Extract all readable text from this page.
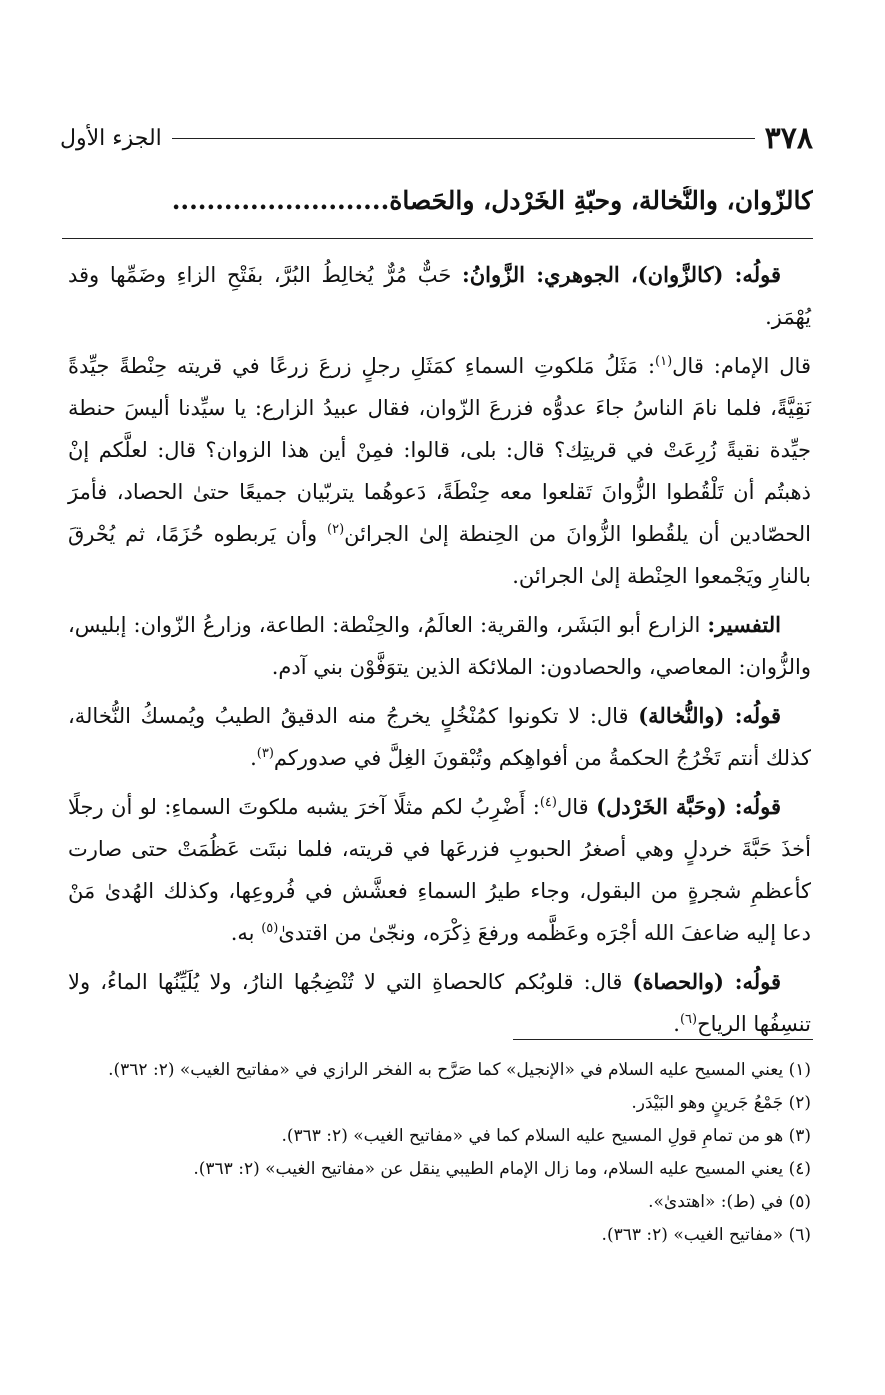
٣٧٨
الجزء الأول
كالزّوان، والنُّخالة، وحبّةِ الخَرْدل، والحَصاة.........................

قولُه: (كالزَّوان)، الجوهري: الزَّوانُ: حَبٌّ مُرٌّ يُخالِطُ البُرَّ، بفَتْحِ الزاءِ وضَمِّها وقد يُهْمَز.

قال الإمام: قال$^{(١)}$: مَثَلُ مَلكوتِ السماءِ كمَثَلِ رجلٍ زرعَ زرعًا في قريته حِنْطةً جيِّدةً نَقِيَّةً، فلما نامَ الناسُ جاءَ عدوُّه فزرعَ الزّوان، فقال عبيدُ الزارع: يا سيِّدنا أليسَ حنطة جيِّدة نقيةً زُرِعَتْ في قريتِك؟ قال: بلى، قالوا: فمِنْ أين هذا الزوان؟ قال: لعلَّكم إنْ ذهبتُم أن تَلْقُطوا الزُّوانَ تَقلعوا معه حِنْطَةً، دَعوهُما يتربّيان جميعًا حتىٰ الحصاد، فأمرَ الحصّادين أن يلقُطوا الزُّوانَ من الحِنطة إلىٰ الجرائن$^{(٢)}$ وأن يَربطوه حُزَمًا، ثم يُحْرقَ بالنارِ ويَجْمعوا الحِنْطة إلىٰ الجرائن.

التفسير: الزارع أبو البَشَر، والقرية: العالَمُ، والحِنْطة: الطاعة، وزارعُ الزّوان: إبليس، والزُّوان: المعاصي، والحصادون: الملائكة الذين يتوَفَّوْن بني آدم.

قولُه: (والنُّخالة) قال: لا تكونوا كمُنْخُلٍ يخرجُ منه الدقيقُ الطيبُ ويُمسكُ النُّخالة، كذلك أنتم تَخْرُجُ الحكمةُ من أفواهِكم وتُبْقونَ الغِلَّ في صدوركم$^{(٣)}$.

قولُه: (وحَبَّة الخَرْدل) قال$^{(٤)}$: أَضْرِبُ لكم مثلًا آخرَ يشبه ملكوتَ السماءِ: لو أن رجلًا أخذَ حَبَّةَ خردلٍ وهي أصغرُ الحبوبِ فزرعَها في قريته، فلما نبتَت عَظُمَتْ حتى صارت كأعظمِ شجرةٍ من البقول، وجاء طيرُ السماءِ فعشَّش في فُروعِها، وكذلك الهُدىٰ مَنْ دعا إليه ضاعفَ الله أجْرَه وعَظَّمه ورفعَ ذِكْرَه، ونجّىٰ من اقتدىٰ$^{(٥)}$ به.

قولُه: (والحصاة) قال: قلوبُكم كالحصاةِ التي لا تُنْضِجُها النارُ، ولا يُلَيِّنُها الماءُ، ولا تنسِفُها الرياح$^{(٦)}$.

(١) يعني المسيح عليه السلام في «الإنجيل» كما صَرَّح به الفخر الرازي في «مفاتيح الغيب» (٢: ٣٦٢).
(٢) جَمْعُ جَرينٍ وهو البَيْدَر.
(٣) هو من تمامِ قولِ المسيح عليه السلام كما في «مفاتيح الغيب» (٢: ٣٦٣).
(٤) يعني المسيح عليه السلام، وما زال الإمام الطيبي ينقل عن «مفاتيح الغيب» (٢: ٣٦٣).
(٥) في (ط): «اهتدىٰ».
(٦) «مفاتيح الغيب» (٢: ٣٦٣).
